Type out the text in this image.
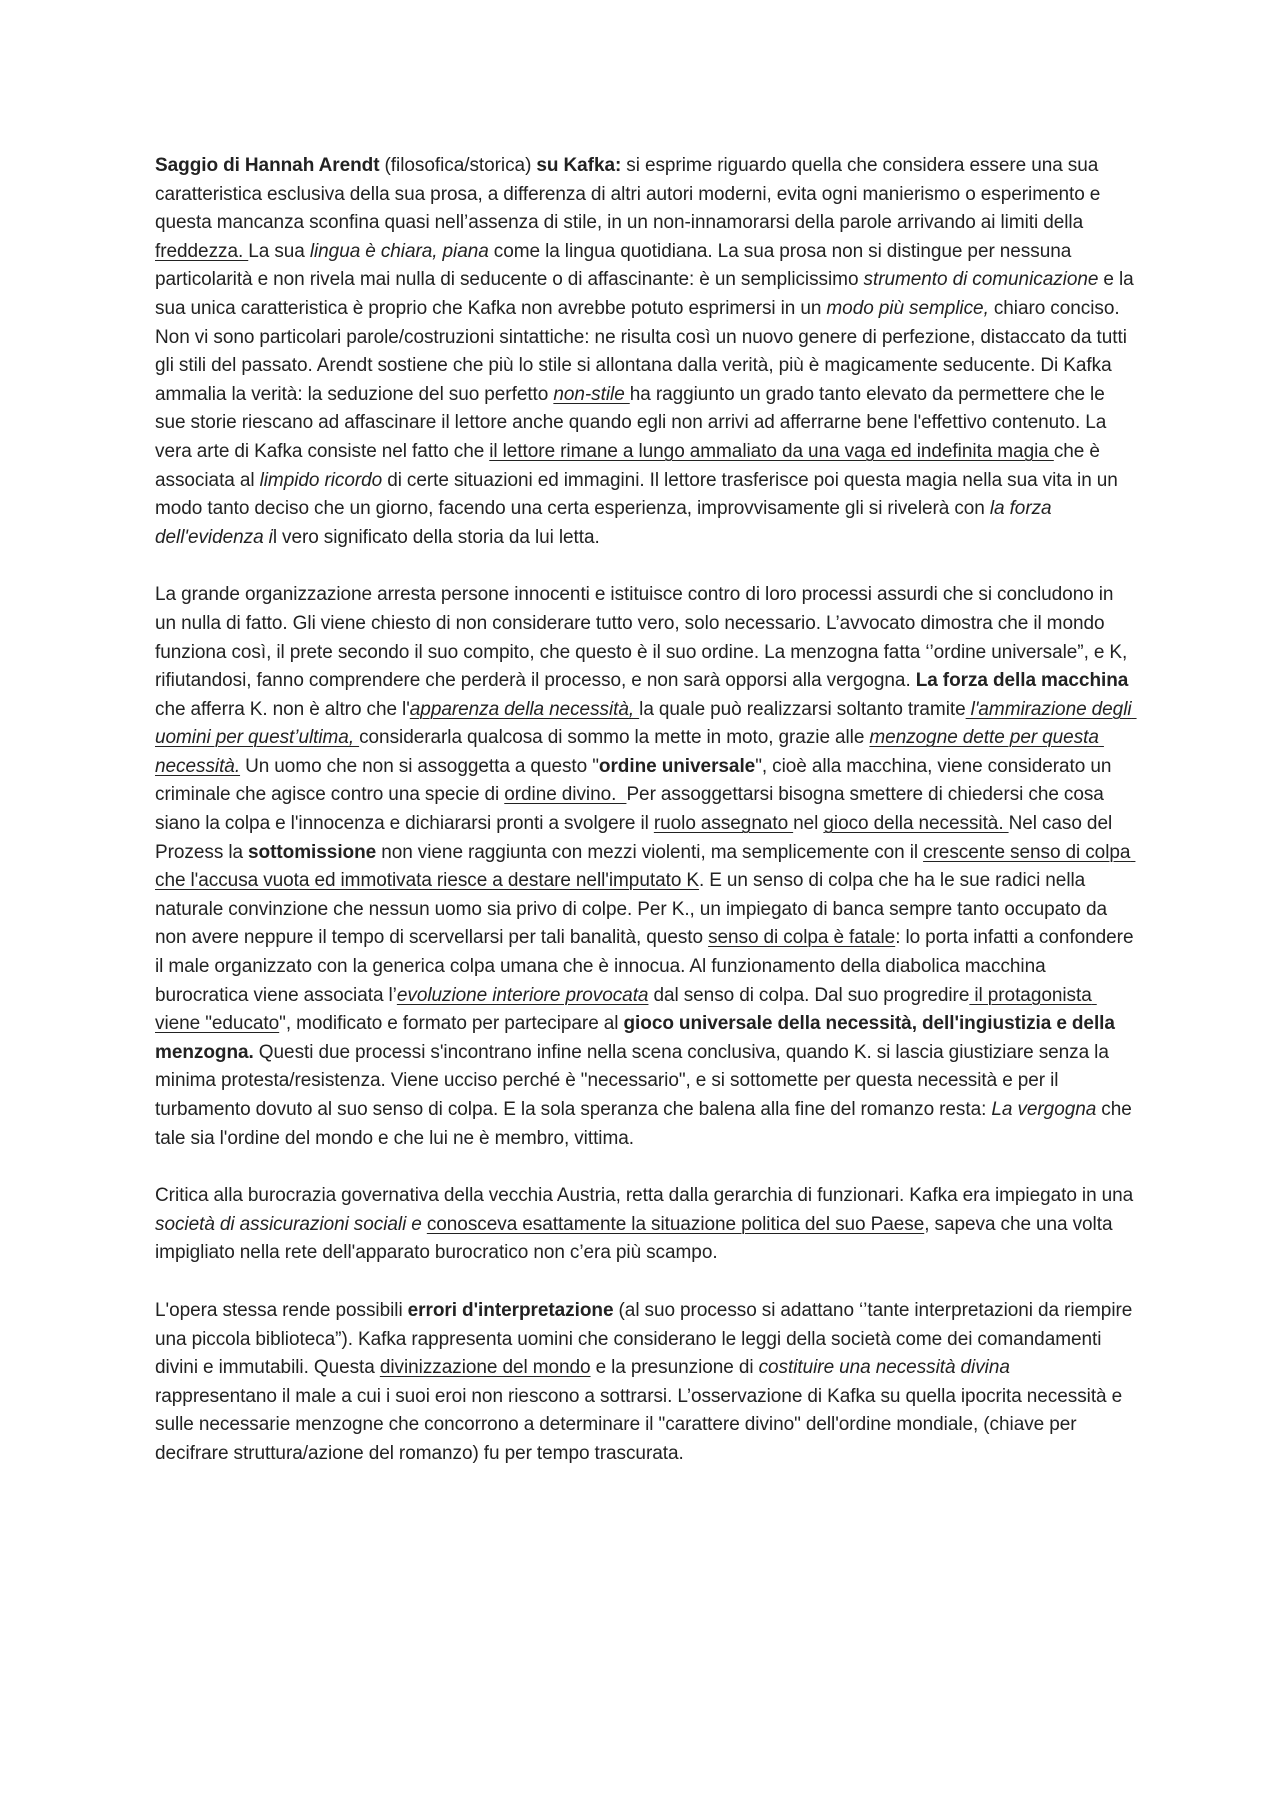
Saggio di Hannah Arendt (filosofica/storica) su Kafka: si esprime riguardo quella che considera essere una sua caratteristica esclusiva della sua prosa, a differenza di altri autori moderni, evita ogni manierismo o esperimento e questa mancanza sconfina quasi nell’assenza di stile, in un non-innamorarsi della parole arrivando ai limiti della freddezza. La sua lingua è chiara, piana come la lingua quotidiana. La sua prosa non si distingue per nessuna particolarità e non rivela mai nulla di seducente o di affascinante: è un semplicissimo strumento di comunicazione e la sua unica caratteristica è proprio che Kafka non avrebbe potuto esprimersi in un modo più semplice, chiaro conciso. Non vi sono particolari parole/costruzioni sintattiche: ne risulta così un nuovo genere di perfezione, distaccato da tutti gli stili del passato. Arendt sostiene che più lo stile si allontana dalla verità, più è magicamente seducente. Di Kafka ammalia la verità: la seduzione del suo perfetto non-stile ha raggiunto un grado tanto elevato da permettere che le sue storie riescano ad affascinare il lettore anche quando egli non arrivi ad afferrarne bene l'effettivo contenuto. La vera arte di Kafka consiste nel fatto che il lettore rimane a lungo ammaliato da una vaga ed indefinita magia che è associata al limpido ricordo di certe situazioni ed immagini. Il lettore trasferisce poi questa magia nella sua vita in un modo tanto deciso che un giorno, facendo una certa esperienza, improvvisamente gli si rivelerà con la forza dell'evidenza il vero significato della storia da lui letta.

La grande organizzazione arresta persone innocenti e istituisce contro di loro processi assurdi che si concludono in un nulla di fatto. Gli viene chiesto di non considerare tutto vero, solo necessario. L’avvocato dimostra che il mondo funziona così, il prete secondo il suo compito, che questo è il suo ordine. La menzogna fatta ‘’ordine universale”, e K, rifiutandosi, fanno comprendere che perderà il processo, e non sarà opporsi alla vergogna. La forza della macchina che afferra K. non è altro che l'apparenza della necessità, la quale può realizzarsi soltanto tramite l'ammirazione degli uomini per quest’ultima, considerarla qualcosa di sommo la mette in moto, grazie alle menzogne dette per questa necessità. Un uomo che non si assoggetta a questo "ordine universale", cioè alla macchina, viene considerato un criminale che agisce contro una specie di ordine divino.  Per assoggettarsi bisogna smettere di chiedersi che cosa siano la colpa e l'innocenza e dichiararsi pronti a svolgere il ruolo assegnato nel gioco della necessità. Nel caso del Prozess la sottomissione non viene raggiunta con mezzi violenti, ma semplicemente con il crescente senso di colpa che l'accusa vuota ed immotivata riesce a destare nell'imputato K. E un senso di colpa che ha le sue radici nella naturale convinzione che nessun uomo sia privo di colpe. Per K., un impiegato di banca sempre tanto occupato da non avere neppure il tempo di scervellarsi per tali banalità, questo senso di colpa è fatale: lo porta infatti a confondere il male organizzato con la generica colpa umana che è innocua. Al funzionamento della diabolica macchina burocratica viene associata l’evoluzione interiore provocata dal senso di colpa. Dal suo progredire il protagonista viene "educato", modificato e formato per partecipare al gioco universale della necessità, dell'ingiustizia e della menzogna. Questi due processi s'incontrano infine nella scena conclusiva, quando K. si lascia giustiziare senza la minima protesta/resistenza. Viene ucciso perché è "necessario", e si sottomette per questa necessità e per il turbamento dovuto al suo senso di colpa. E la sola speranza che balena alla fine del romanzo resta: La vergogna che tale sia l'ordine del mondo e che lui ne è membro, vittima.

Critica alla burocrazia governativa della vecchia Austria, retta dalla gerarchia di funzionari. Kafka era impiegato in una società di assicurazioni sociali e conosceva esattamente la situazione politica del suo Paese, sapeva che una volta impigliato nella rete dell'apparato burocratico non c’era più scampo.

L'opera stessa rende possibili errori d'interpretazione (al suo processo si adattano ‘’tante interpretazioni da riempire una piccola biblioteca”). Kafka rappresenta uomini che considerano le leggi della società come dei comandamenti divini e immutabili. Questa divinizzazione del mondo e la presunzione di costituire una necessità divina rappresentano il male a cui i suoi eroi non riescono a sottrarsi. L’osservazione di Kafka su quella ipocrita necessità e sulle necessarie menzogne che concorrono a determinare il "carattere divino" dell'ordine mondiale, (chiave per decifrare struttura/azione del romanzo) fu per tempo trascurata.
